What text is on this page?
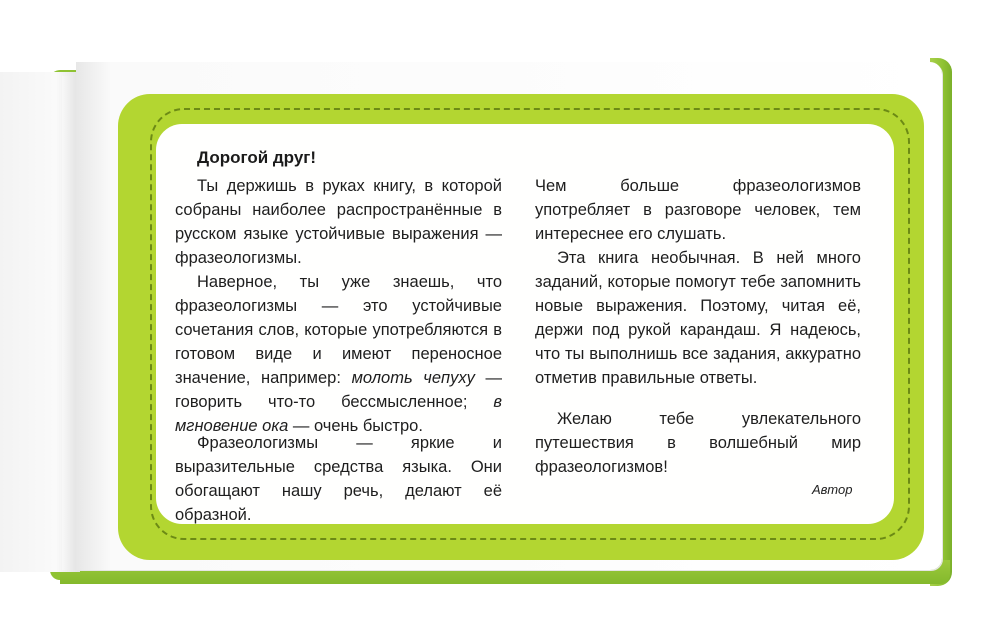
Дорогой друг!
Ты держишь в руках книгу, в которой собраны наиболее распространённые в русском языке устойчивые выражения — фразеологизмы.
Наверное, ты уже знаешь, что фразеологизмы — это устойчивые сочетания слов, которые употребляются в готовом виде и имеют переносное значение, например: молоть чепуху — говорить что-то бессмысленное; в мгновение ока — очень быстро.
Фразеологизмы — яркие и выразительные средства языка. Они обогащают нашу речь, делают её образной.
Чем больше фразеологизмов употребляет в разговоре человек, тем интереснее его слушать.
Эта книга необычная. В ней много заданий, которые помогут тебе запомнить новые выражения. Поэтому, читая её, держи под рукой карандаш. Я надеюсь, что ты выполнишь все задания, аккуратно отметив правильные ответы.
Желаю тебе увлекательного путешествия в волшебный мир фразеологизмов!
Автор
